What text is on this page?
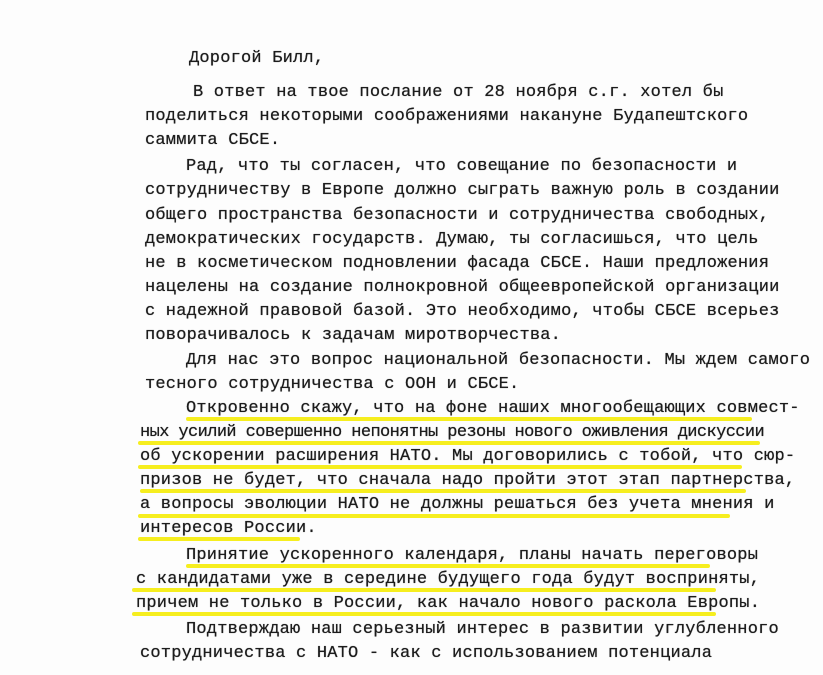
Дорогой Билл,
В ответ на твое послание от 28 ноября с.г. хотел бы
поделиться некоторыми соображениями накануне Будапештского
саммита СБСЕ.
Рад, что ты согласен, что совещание по безопасности и
сотрудничеству в Европе должно сыграть важную роль в создании
общего пространства безопасности и сотрудничества свободных,
демократических государств. Думаю, ты согласишься, что цель
не в косметическом подновлении фасада СБСЕ. Наши предложения
нацелены на создание полнокровной общеевропейской организации
с надежной правовой базой. Это необходимо, чтобы СБСЕ всерьез
поворачивалось к задачам миротворчества.
Для нас это вопрос национальной безопасности. Мы ждем самого
тесного сотрудничества с ООН и СБСЕ.
Откровенно скажу, что на фоне наших многообещающих совмест-
ных усилий совершенно непонятны резоны нового оживления дискуссии
об ускорении расширения НАТО. Мы договорились с тобой, что сюр-
призов не будет, что сначала надо пройти этот этап партнерства,
а вопросы эволюции НАТО не должны решаться без учета мнения и
интересов России.
Принятие ускоренного календаря, планы начать переговоры
с кандидатами уже в середине будущего года будут восприняты,
причем не только в России, как начало нового раскола Европы.
Подтверждаю наш серьезный интерес в развитии углубленного
сотрудничества с НАТО - как с использованием потенциала
